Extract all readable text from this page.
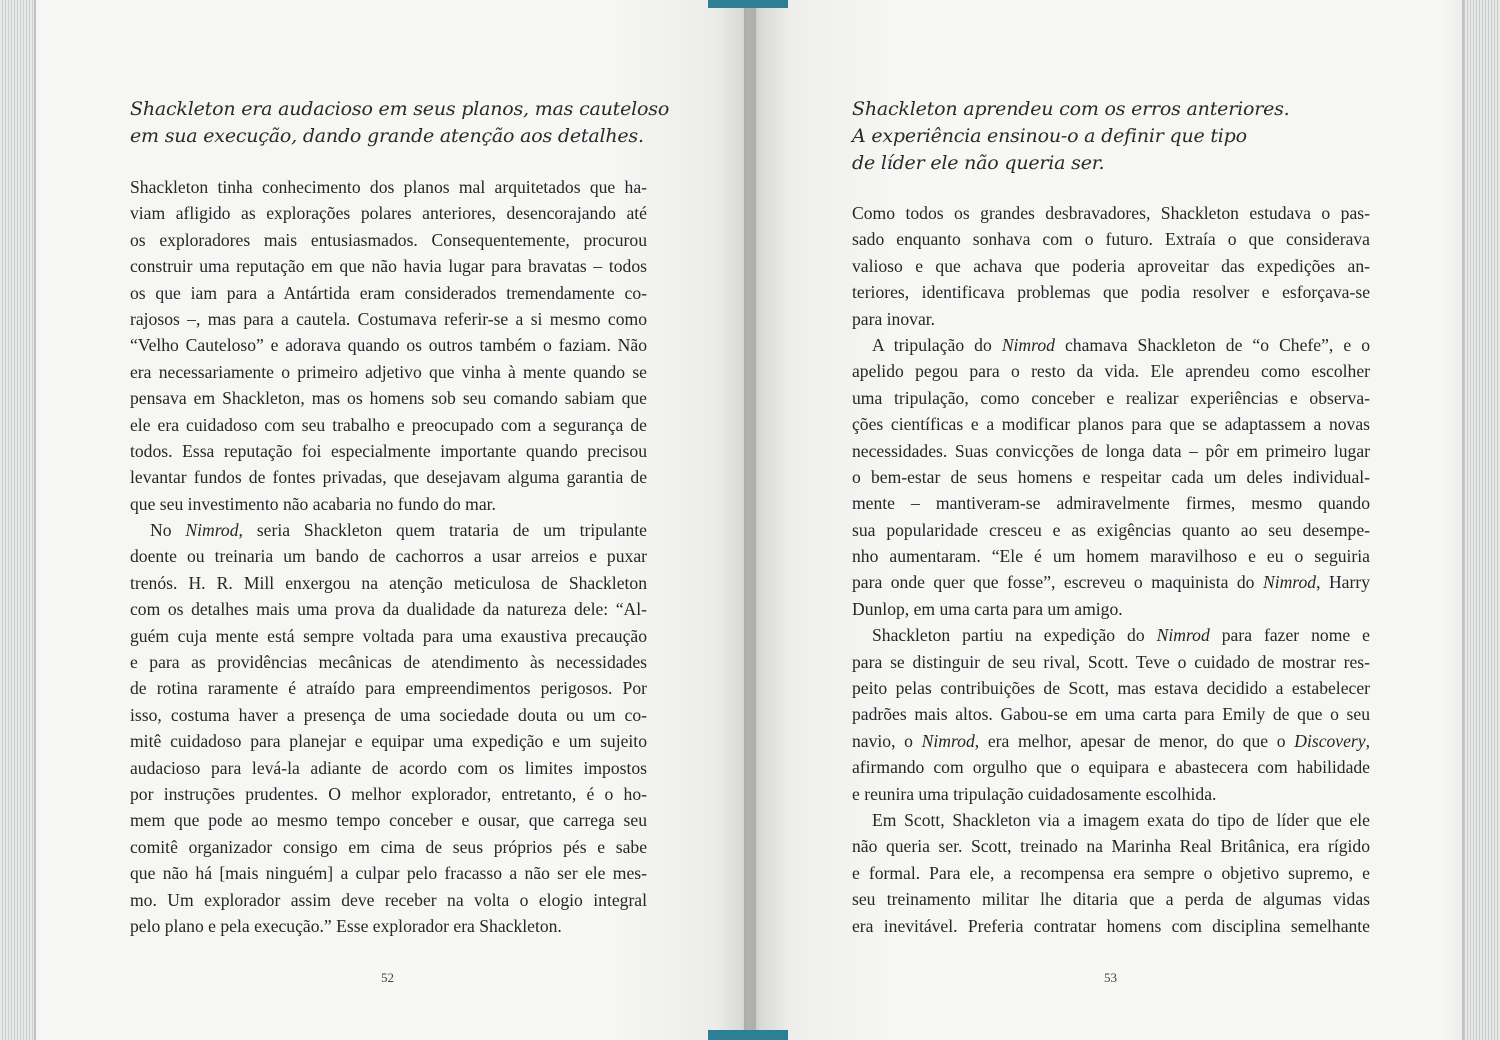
Shackleton era audacioso em seus planos, mas cauteloso
em sua execução, dando grande atenção aos detalhes.
Shackleton tinha conhecimento dos planos mal arquitetados que ha-
viam afligido as explorações polares anteriores, desencorajando até
os exploradores mais entusiasmados. Consequentemente, procurou
construir uma reputação em que não havia lugar para bravatas – todos
os que iam para a Antártida eram considerados tremendamente co-
rajosos –, mas para a cautela. Costumava referir-se a si mesmo como
“Velho Cauteloso” e adorava quando os outros também o faziam. Não
era necessariamente o primeiro adjetivo que vinha à mente quando se
pensava em Shackleton, mas os homens sob seu comando sabiam que
ele era cuidadoso com seu trabalho e preocupado com a segurança de
todos. Essa reputação foi especialmente importante quando precisou
levantar fundos de fontes privadas, que desejavam alguma garantia de
que seu investimento não acabaria no fundo do mar.
No Nimrod, seria Shackleton quem trataria de um tripulante
doente ou treinaria um bando de cachorros a usar arreios e puxar
trenós. H. R. Mill enxergou na atenção meticulosa de Shackleton
com os detalhes mais uma prova da dualidade da natureza dele: “Al-
guém cuja mente está sempre voltada para uma exaustiva precaução
e para as providências mecânicas de atendimento às necessidades
de rotina raramente é atraído para empreendimentos perigosos. Por
isso, costuma haver a presença de uma sociedade douta ou um co-
mitê cuidadoso para planejar e equipar uma expedição e um sujeito
audacioso para levá-la adiante de acordo com os limites impostos
por instruções prudentes. O melhor explorador, entretanto, é o ho-
mem que pode ao mesmo tempo conceber e ousar, que carrega seu
comitê organizador consigo em cima de seus próprios pés e sabe
que não há [mais ninguém] a culpar pelo fracasso a não ser ele mes-
mo. Um explorador assim deve receber na volta o elogio integral
pelo plano e pela execução.” Esse explorador era Shackleton.
52
Shackleton aprendeu com os erros anteriores.
A experiência ensinou-o a definir que tipo
de líder ele não queria ser.
Como todos os grandes desbravadores, Shackleton estudava o pas-
sado enquanto sonhava com o futuro. Extraía o que considerava
valioso e que achava que poderia aproveitar das expedições an-
teriores, identificava problemas que podia resolver e esforçava-se
para inovar.
A tripulação do Nimrod chamava Shackleton de “o Chefe”, e o
apelido pegou para o resto da vida. Ele aprendeu como escolher
uma tripulação, como conceber e realizar experiências e observa-
ções científicas e a modificar planos para que se adaptassem a novas
necessidades. Suas convicções de longa data – pôr em primeiro lugar
o bem-estar de seus homens e respeitar cada um deles individual-
mente – mantiveram-se admiravelmente firmes, mesmo quando
sua popularidade cresceu e as exigências quanto ao seu desempe-
nho aumentaram. “Ele é um homem maravilhoso e eu o seguiria
para onde quer que fosse”, escreveu o maquinista do Nimrod, Harry
Dunlop, em uma carta para um amigo.
Shackleton partiu na expedição do Nimrod para fazer nome e
para se distinguir de seu rival, Scott. Teve o cuidado de mostrar res-
peito pelas contribuições de Scott, mas estava decidido a estabelecer
padrões mais altos. Gabou-se em uma carta para Emily de que o seu
navio, o Nimrod, era melhor, apesar de menor, do que o Discovery,
afirmando com orgulho que o equipara e abastecera com habilidade
e reunira uma tripulação cuidadosamente escolhida.
Em Scott, Shackleton via a imagem exata do tipo de líder que ele
não queria ser. Scott, treinado na Marinha Real Britânica, era rígido
e formal. Para ele, a recompensa era sempre o objetivo supremo, e
seu treinamento militar lhe ditaria que a perda de algumas vidas
era inevitável. Preferia contratar homens com disciplina semelhante
53
